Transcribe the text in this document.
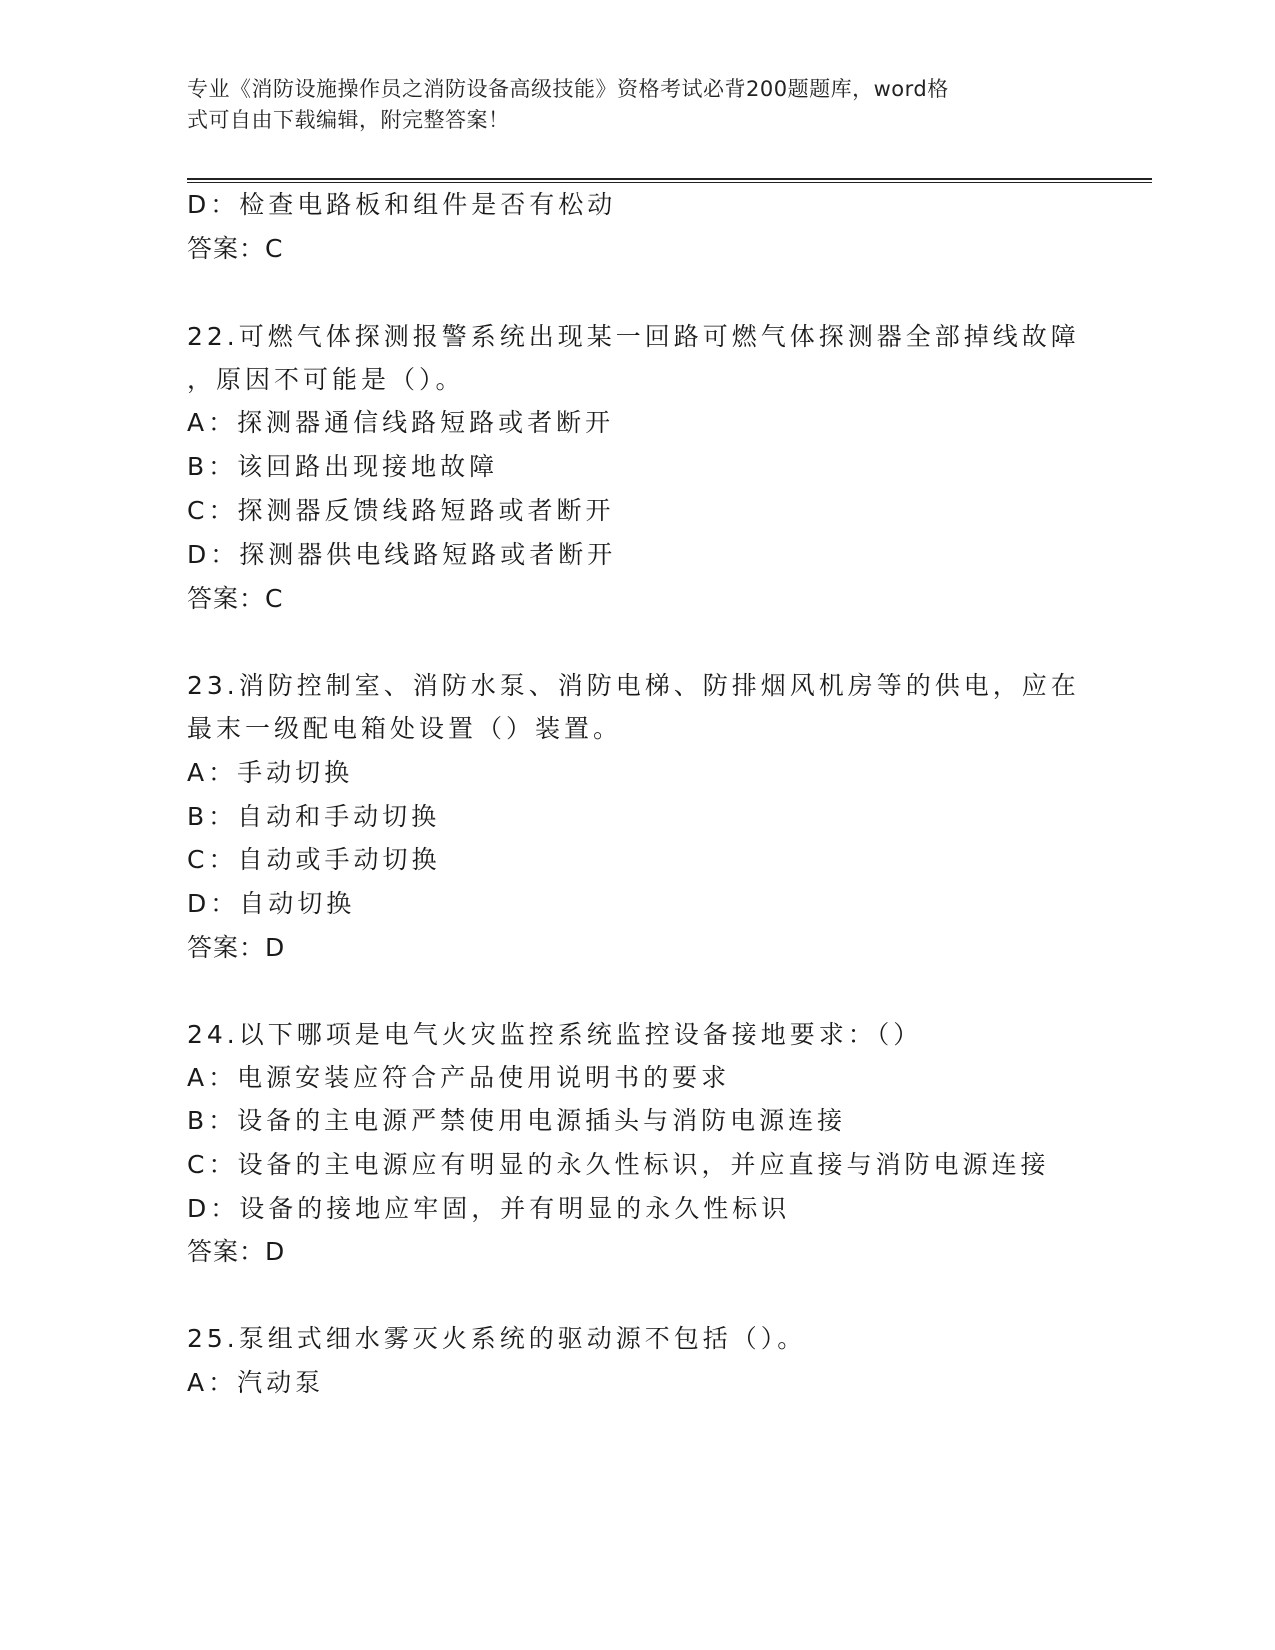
专业《消防设施操作员之消防设备高级技能》资格考试必背200题题库，word格
式可自由下载编辑，附完整答案！
D：检查电路板和组件是否有松动
答案：C
22.可燃气体探测报警系统出现某一回路可燃气体探测器全部掉线故障
，原因不可能是（）。
A：探测器通信线路短路或者断开
B：该回路出现接地故障
C：探测器反馈线路短路或者断开
D：探测器供电线路短路或者断开
答案：C
23.消防控制室、消防水泵、消防电梯、防排烟风机房等的供电，应在
最末一级配电箱处设置（）装置。
A：手动切换
B：自动和手动切换
C：自动或手动切换
D：自动切换
答案：D
24.以下哪项是电气火灾监控系统监控设备接地要求：（）
A：电源安装应符合产品使用说明书的要求
B：设备的主电源严禁使用电源插头与消防电源连接
C：设备的主电源应有明显的永久性标识，并应直接与消防电源连接
D：设备的接地应牢固，并有明显的永久性标识
答案：D
25.泵组式细水雾灭火系统的驱动源不包括（）。
A：汽动泵
